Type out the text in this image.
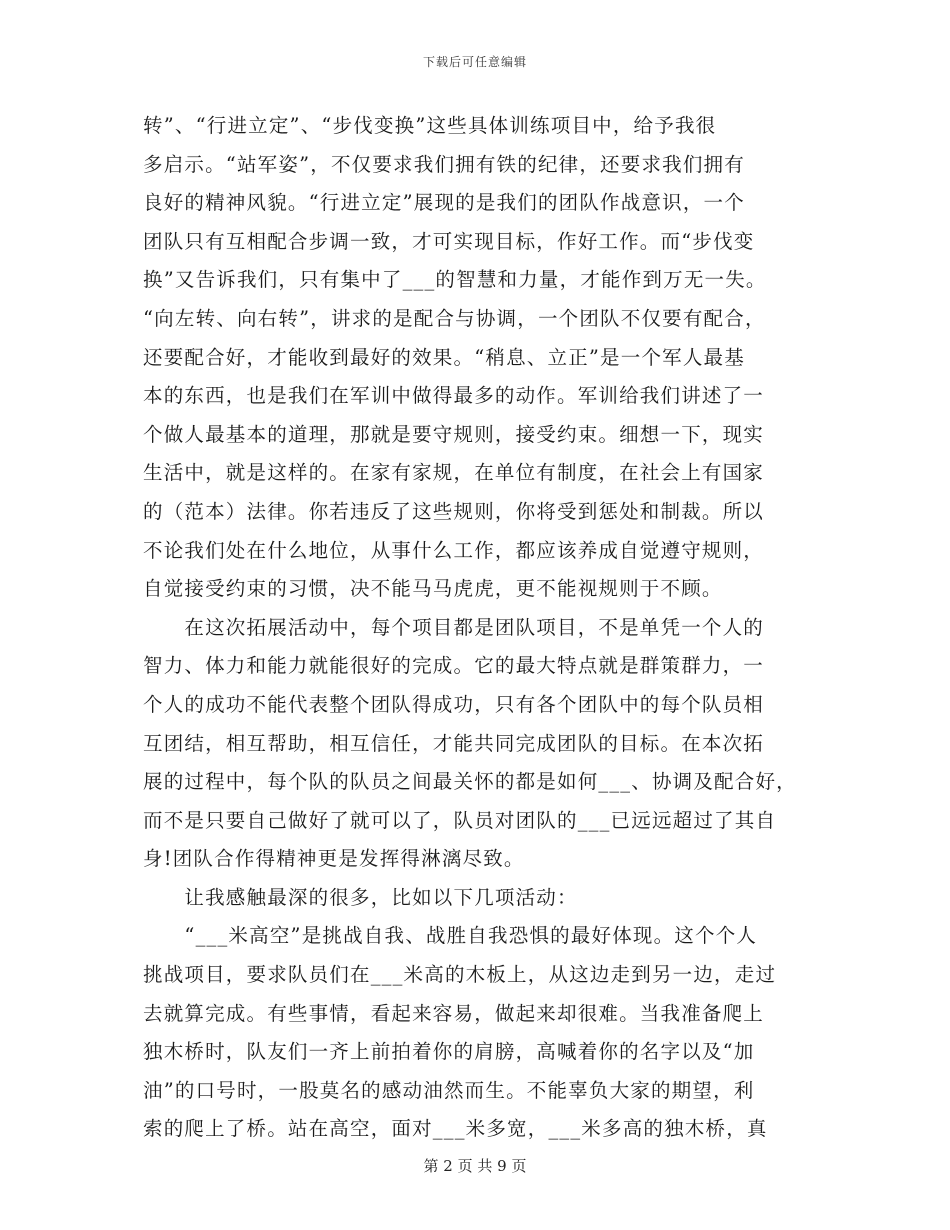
下载后可任意编辑
转”、“行进立定”、“步伐变换”这些具体训练项目中，给予我很
多启示。“站军姿”，不仅要求我们拥有铁的纪律，还要求我们拥有
良好的精神风貌。“行进立定”展现的是我们的团队作战意识，一个
团队只有互相配合步调一致，才可实现目标，作好工作。而“步伐变
换”又告诉我们，只有集中了___的智慧和力量，才能作到万无一失。
“向左转、向右转”，讲求的是配合与协调，一个团队不仅要有配合，
还要配合好，才能收到最好的效果。“稍息、立正”是一个军人最基
本的东西，也是我们在军训中做得最多的动作。军训给我们讲述了一
个做人最基本的道理，那就是要守规则，接受约束。细想一下，现实
生活中，就是这样的。在家有家规，在单位有制度，在社会上有国家
的（范本）法律。你若违反了这些规则，你将受到惩处和制裁。所以
不论我们处在什么地位，从事什么工作，都应该养成自觉遵守规则，
自觉接受约束的习惯，决不能马马虎虎，更不能视规则于不顾。
　　在这次拓展活动中，每个项目都是团队项目，不是单凭一个人的
智力、体力和能力就能很好的完成。它的最大特点就是群策群力，一
个人的成功不能代表整个团队得成功，只有各个团队中的每个队员相
互团结，相互帮助，相互信任，才能共同完成团队的目标。在本次拓
展的过程中，每个队的队员之间最关怀的都是如何___、协调及配合好，
而不是只要自己做好了就可以了，队员对团队的___已远远超过了其自
身!团队合作得精神更是发挥得淋漓尽致。
　　让我感触最深的很多，比如以下几项活动：
　　“___米高空”是挑战自我、战胜自我恐惧的最好体现。这个个人
挑战项目，要求队员们在___米高的木板上，从这边走到另一边，走过
去就算完成。有些事情，看起来容易，做起来却很难。当我准备爬上
独木桥时，队友们一齐上前拍着你的肩膀，高喊着你的名字以及“加
油”的口号时，一股莫名的感动油然而生。不能辜负大家的期望，利
索的爬上了桥。站在高空，面对___米多宽，___米多高的独木桥，真
第 2 页 共 9 页
